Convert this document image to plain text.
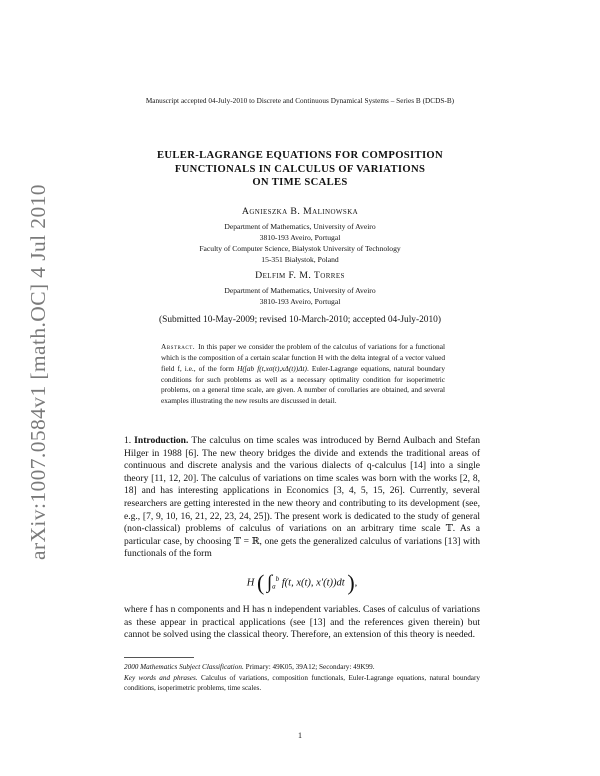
arXiv:1007.0584v1 [math.OC] 4 Jul 2010
Manuscript accepted 04-July-2010 to Discrete and Continuous Dynamical Systems – Series B (DCDS-B)
EULER-LAGRANGE EQUATIONS FOR COMPOSITION
FUNCTIONALS IN CALCULUS OF VARIATIONS
ON TIME SCALES
Agnieszka B. Malinowska
Department of Mathematics, University of Aveiro
3810-193 Aveiro, Portugal
Faculty of Computer Science, Białystok University of Technology
15-351 Białystok, Poland
Delfim F. M. Torres
Department of Mathematics, University of Aveiro
3810-193 Aveiro, Portugal
(Submitted 10-May-2009; revised 10-March-2010; accepted 04-July-2010)
Abstract. In this paper we consider the problem of the calculus of variations for a functional which is the composition of a certain scalar function H with the delta integral of a vector valued field f, i.e., of the form H(∫ab f(t,xσ(t),xΔ(t))Δt). Euler-Lagrange equations, natural boundary conditions for such problems as well as a necessary optimality condition for isoperimetric problems, on a general time scale, are given. A number of corollaries are obtained, and several examples illustrating the new results are discussed in detail.

1. Introduction. The calculus on time scales was introduced by Bernd Aulbach and Stefan Hilger in 1988 [6]. The new theory bridges the divide and extends the traditional areas of continuous and discrete analysis and the various dialects of q-calculus [14] into a single theory [11, 12, 20]. The calculus of variations on time scales was born with the works [2, 8, 18] and has interesting applications in Economics [3, 4, 5, 15, 26]. Currently, several researchers are getting interested in the new theory and contributing to its development (see, e.g., [7, 9, 10, 16, 21, 22, 23, 24, 25]). The present work is dedicated to the study of general (non-classical) problems of calculus of variations on an arbitrary time scale 𝕋. As a particular case, by choosing 𝕋 = ℝ, one gets the generalized calculus of variations [13] with functionals of the form

H ( $\int_a^b$ f(t, x(t), x′(t))dt ),

where f has n components and H has n independent variables. Cases of calculus of variations as these appear in practical applications (see [13] and the references given therein) but cannot be solved using the classical theory. Therefore, an extension of this theory is needed.

2000 Mathematics Subject Classification. Primary: 49K05, 39A12; Secondary: 49K99.
Key words and phrases. Calculus of variations, composition functionals, Euler-Lagrange equations, natural boundary conditions, isoperimetric problems, time scales.
1
